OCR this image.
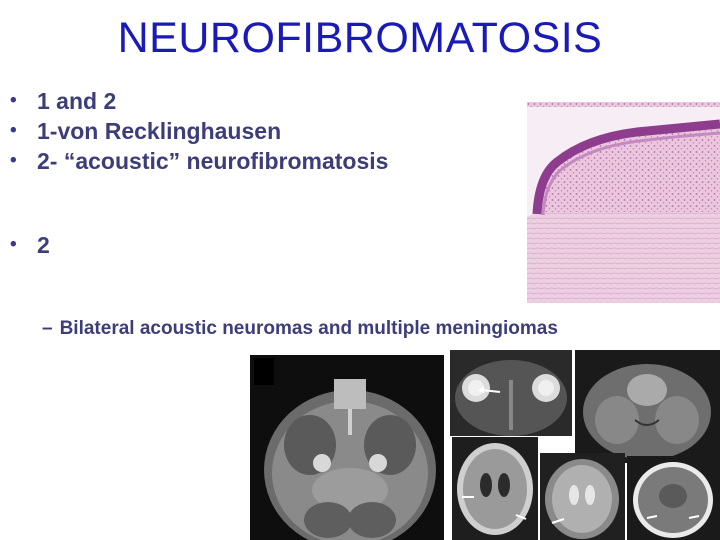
NEUROFIBROMATOSIS
• 1 and 2
• 1-von Recklinghausen
• 2- “acoustic” neurofibromatosis
• 2
– Bilateral acoustic neuromas and multiple meningiomas
